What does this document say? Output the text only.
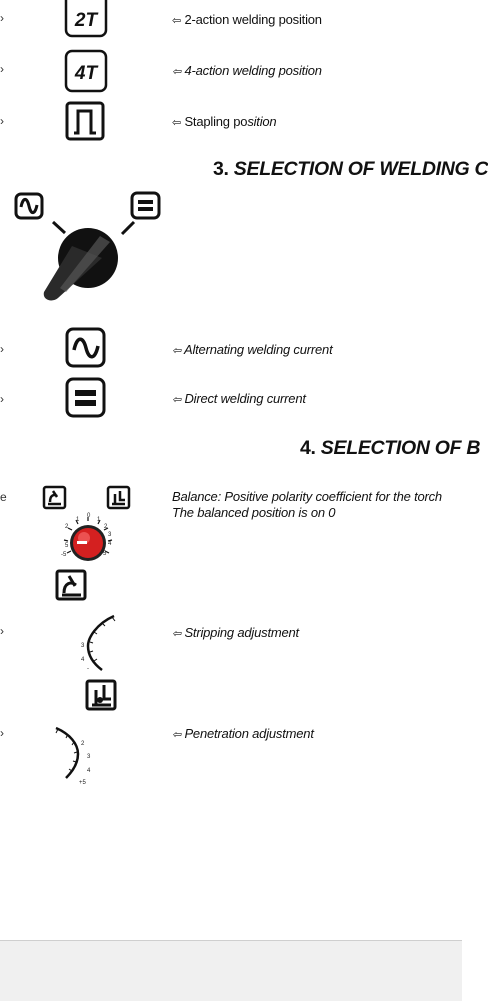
›
›
›
›
›
e
›
›
2T	⇦ 2-action welding position
4T	⇦ 4-action welding position
⇦ Stapling position
3. SELECTION OF WELDING C
⇦ Alternating welding current
⇦ Direct welding current
4. SELECTION OF B
2
1
0
1
2
3
4
5
-5
5
Balance: Positive polarity coefficient for the torch
The balanced position is on 0
3
4
-
⇦ Stripping adjustment
2
3
4
+5
⇦ Penetration adjustment
